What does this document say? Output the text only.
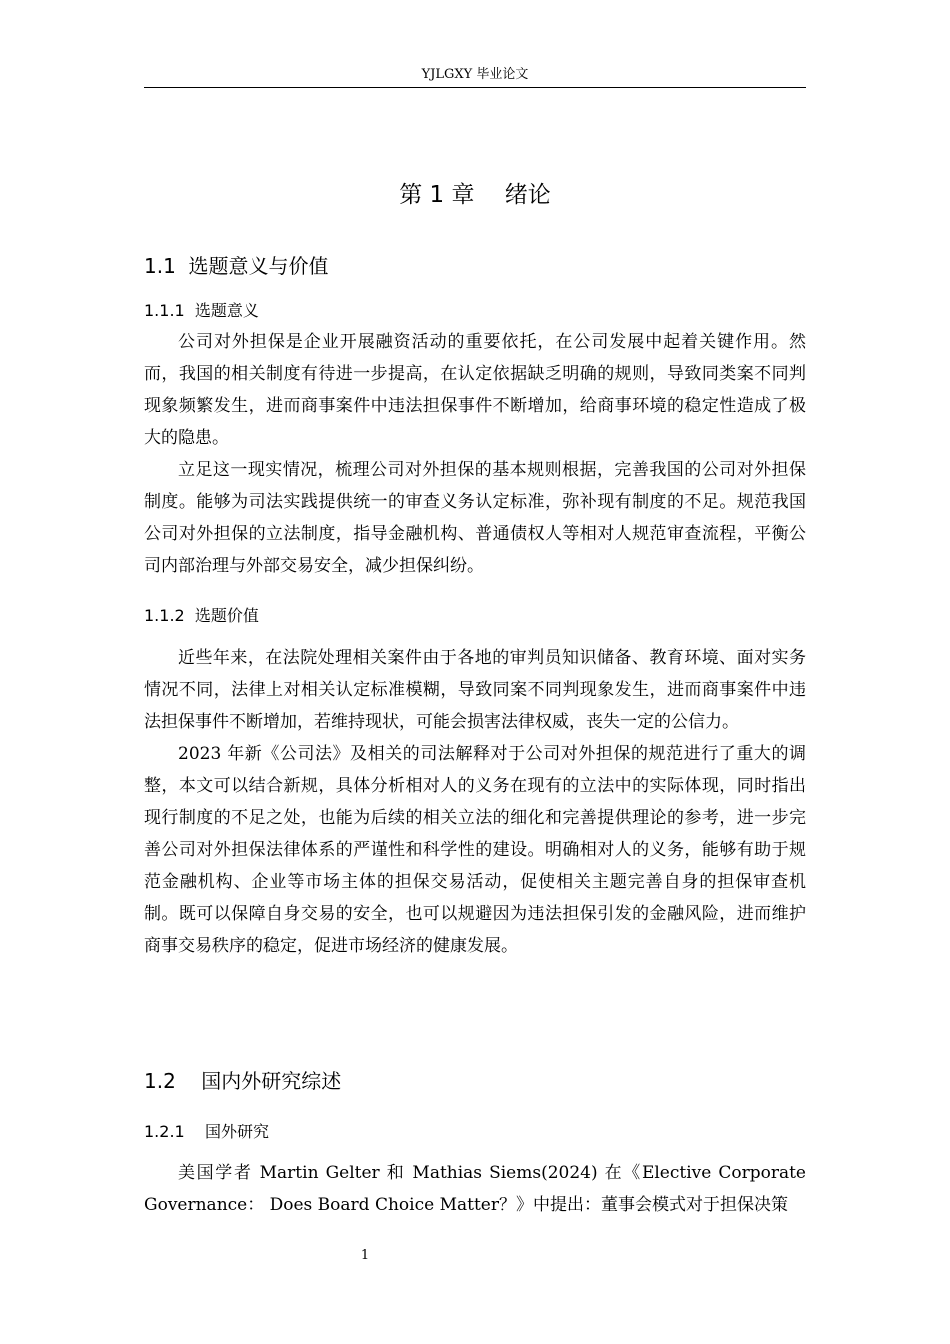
YJLGXY 毕业论文
第 1 章　 绪论
1.1  选题意义与价值
1.1.1  选题意义

公司对外担保是企业开展融资活动的重要依托，在公司发展中起着关键作用。然而，我国的相关制度有待进一步提高，在认定依据缺乏明确的规则，导致同类案不同判现象频繁发生，进而商事案件中违法担保事件不断增加，给商事环境的稳定性造成了极大的隐患。

立足这一现实情况，梳理公司对外担保的基本规则根据，完善我国的公司对外担保制度。能够为司法实践提供统一的审查义务认定标准，弥补现有制度的不足。规范我国公司对外担保的立法制度，指导金融机构、普通债权人等相对人规范审查流程，平衡公司内部治理与外部交易安全，减少担保纠纷。

1.1.2  选题价值

近些年来，在法院处理相关案件由于各地的审判员知识储备、教育环境、面对实务情况不同，法律上对相关认定标准模糊，导致同案不同判现象发生，进而商事案件中违法担保事件不断增加，若维持现状，可能会损害法律权威，丧失一定的公信力。

2023 年新《公司法》及相关的司法解释对于公司对外担保的规范进行了重大的调整，本文可以结合新规，具体分析相对人的义务在现有的立法中的实际体现，同时指出现行制度的不足之处，也能为后续的相关立法的细化和完善提供理论的参考，进一步完善公司对外担保法律体系的严谨性和科学性的建设。明确相对人的义务，能够有助于规范金融机构、企业等市场主体的担保交易活动，促使相关主题完善自身的担保审查机制。既可以保障自身交易的安全，也可以规避因为违法担保引发的金融风险，进而维护商事交易秩序的稳定，促进市场经济的健康发展。

1.2    国内外研究综述
1.2.1    国外研究

美国学者 Martin Gelter 和 Mathias Siems(2024) 在《Elective Corporate Governance： Does Board Choice Matter？》中提出：董事会模式对于担保决策

1
